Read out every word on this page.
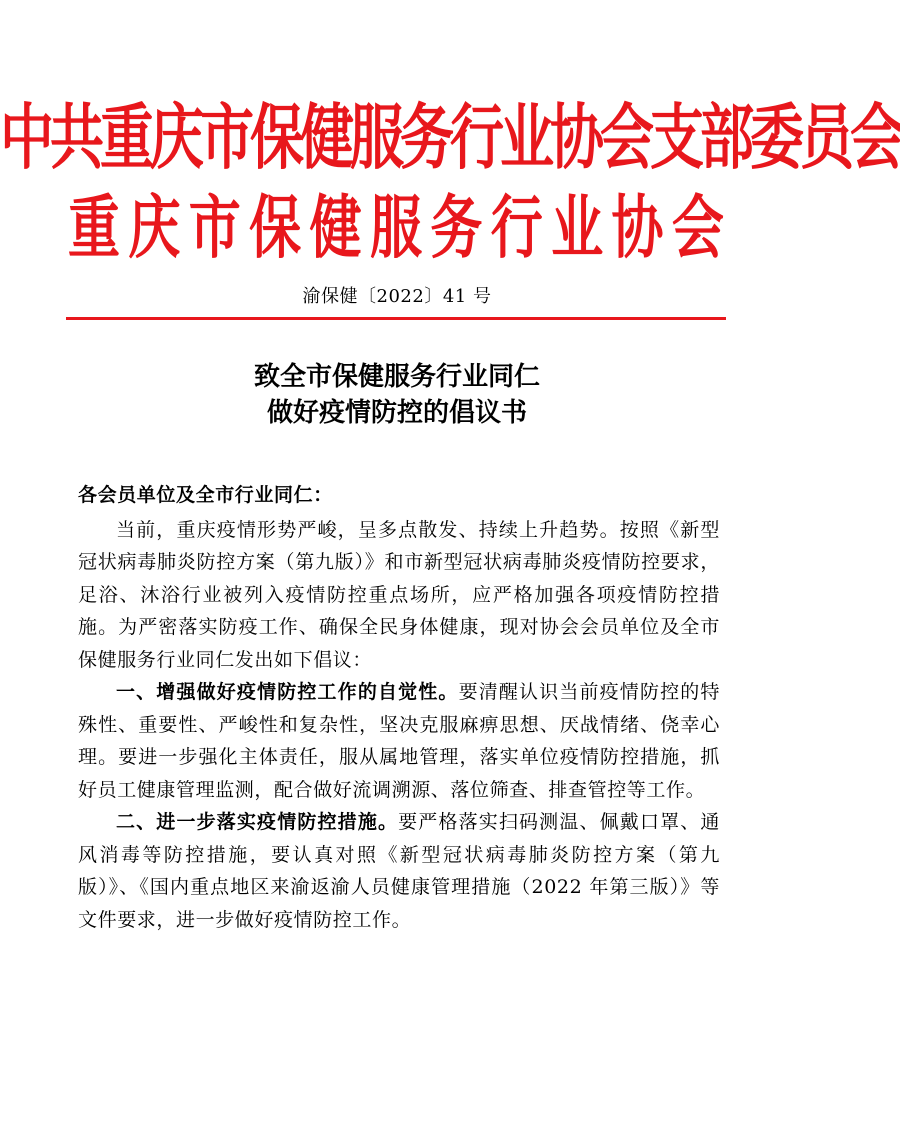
中共重庆市保健服务行业协会支部委员会
重 庆 市 保 健 服 务 行 业 协 会
渝保健〔2022〕41 号
致全市保健服务行业同仁
做好疫情防控的倡议书

各会员单位及全市行业同仁：

当前，重庆疫情形势严峻，呈多点散发、持续上升趋势。按照《新型冠状病毒肺炎防控方案（第九版）》和市新型冠状病毒肺炎疫情防控要求，足浴、沐浴行业被列入疫情防控重点场所，应严格加强各项疫情防控措施。为严密落实防疫工作、确保全民身体健康，现对协会会员单位及全市保健服务行业同仁发出如下倡议：

一、增强做好疫情防控工作的自觉性。要清醒认识当前疫情防控的特殊性、重要性、严峻性和复杂性，坚决克服麻痹思想、厌战情绪、侥幸心理。要进一步强化主体责任，服从属地管理，落实单位疫情防控措施，抓好员工健康管理监测，配合做好流调溯源、落位筛查、排查管控等工作。

二、进一步落实疫情防控措施。要严格落实扫码测温、佩戴口罩、通风消毒等防控措施，要认真对照《新型冠状病毒肺炎防控方案（第九版）》、《国内重点地区来渝返渝人员健康管理措施（2022 年第三版）》等文件要求，进一步做好疫情防控工作。
